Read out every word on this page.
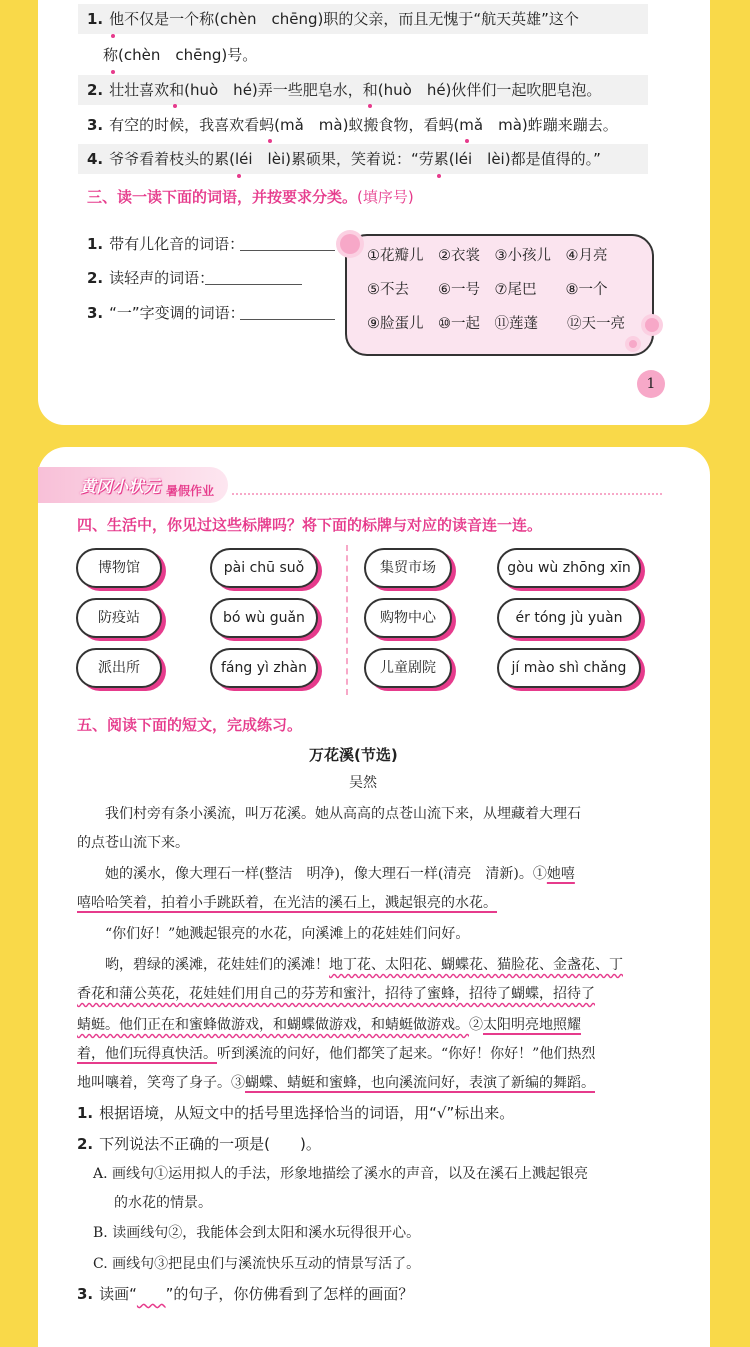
1. 他不仅是一个称(chèn　chēng)职的父亲，而且无愧于“航天英雄”这个
称(chèn　chēng)号。
2. 壮壮喜欢和(huò　hé)弄一些肥皂水，和(huò　hé)伙伴们一起吹肥皂泡。
3. 有空的时候，我喜欢看蚂(mǎ　mà)蚁搬食物，看蚂(mǎ　mà)蚱蹦来蹦去。
4. 爷爷看着枝头的累(léi　lèi)累硕果，笑着说：“劳累(léi　lèi)都是值得的。”
三、读一读下面的词语，并按要求分类。(填序号)
1. 带有儿化音的词语：
2. 读轻声的词语：
3. “一”字变调的词语：
①花瓣儿　②衣裳　③小孩儿　④月亮
⑤不去　　⑥一号　⑦尾巴　　⑧一个
⑨脸蛋儿　⑩一起　⑪莲蓬　　⑫天一亮
1
黄冈小状元 暑假作业
四、生活中，你见过这些标牌吗？将下面的标牌与对应的读音连一连。
博物馆
防疫站
派出所
pài chū suǒ
bó wù guǎn
fáng yì zhàn
集贸市场
购物中心
儿童剧院
gòu wù zhōng xīn
ér tóng jù yuàn
jí mào shì chǎng
五、阅读下面的短文，完成练习。
万花溪(节选)
吴然
我们村旁有条小溪流，叫万花溪。她从高高的点苍山流下来，从埋藏着大理石
的点苍山流下来。
她的溪水，像大理石一样(整洁　明净)，像大理石一样(清亮　清新)。①她嘻
嘻哈哈笑着，拍着小手跳跃着，在光洁的溪石上，溅起银亮的水花。
“你们好！”她溅起银亮的水花，向溪滩上的花娃娃们问好。
哟，碧绿的溪滩，花娃娃们的溪滩！地丁花、太阳花、蝴蝶花、猫脸花、金盏花、丁
香花和蒲公英花，花娃娃们用自己的芬芳和蜜汁，招待了蜜蜂，招待了蝴蝶，招待了
蜻蜓。他们正在和蜜蜂做游戏，和蝴蝶做游戏，和蜻蜓做游戏。②太阳明亮地照耀
着，他们玩得真快活。听到溪流的问好，他们都笑了起来。“你好！你好！”他们热烈
地叫嚷着，笑弯了身子。③蝴蝶、蜻蜓和蜜蜂，也向溪流问好，表演了新编的舞蹈。
1. 根据语境，从短文中的括号里选择恰当的词语，用“√”标出来。
2. 下列说法不正确的一项是(　　)。
A. 画线句①运用拟人的手法，形象地描绘了溪水的声音，以及在溪石上溅起银亮
的水花的情景。
B. 读画线句②，我能体会到太阳和溪水玩得很开心。
C. 画线句③把昆虫们与溪流快乐互动的情景写活了。
3. 读画“    ”的句子，你仿佛看到了怎样的画面？
